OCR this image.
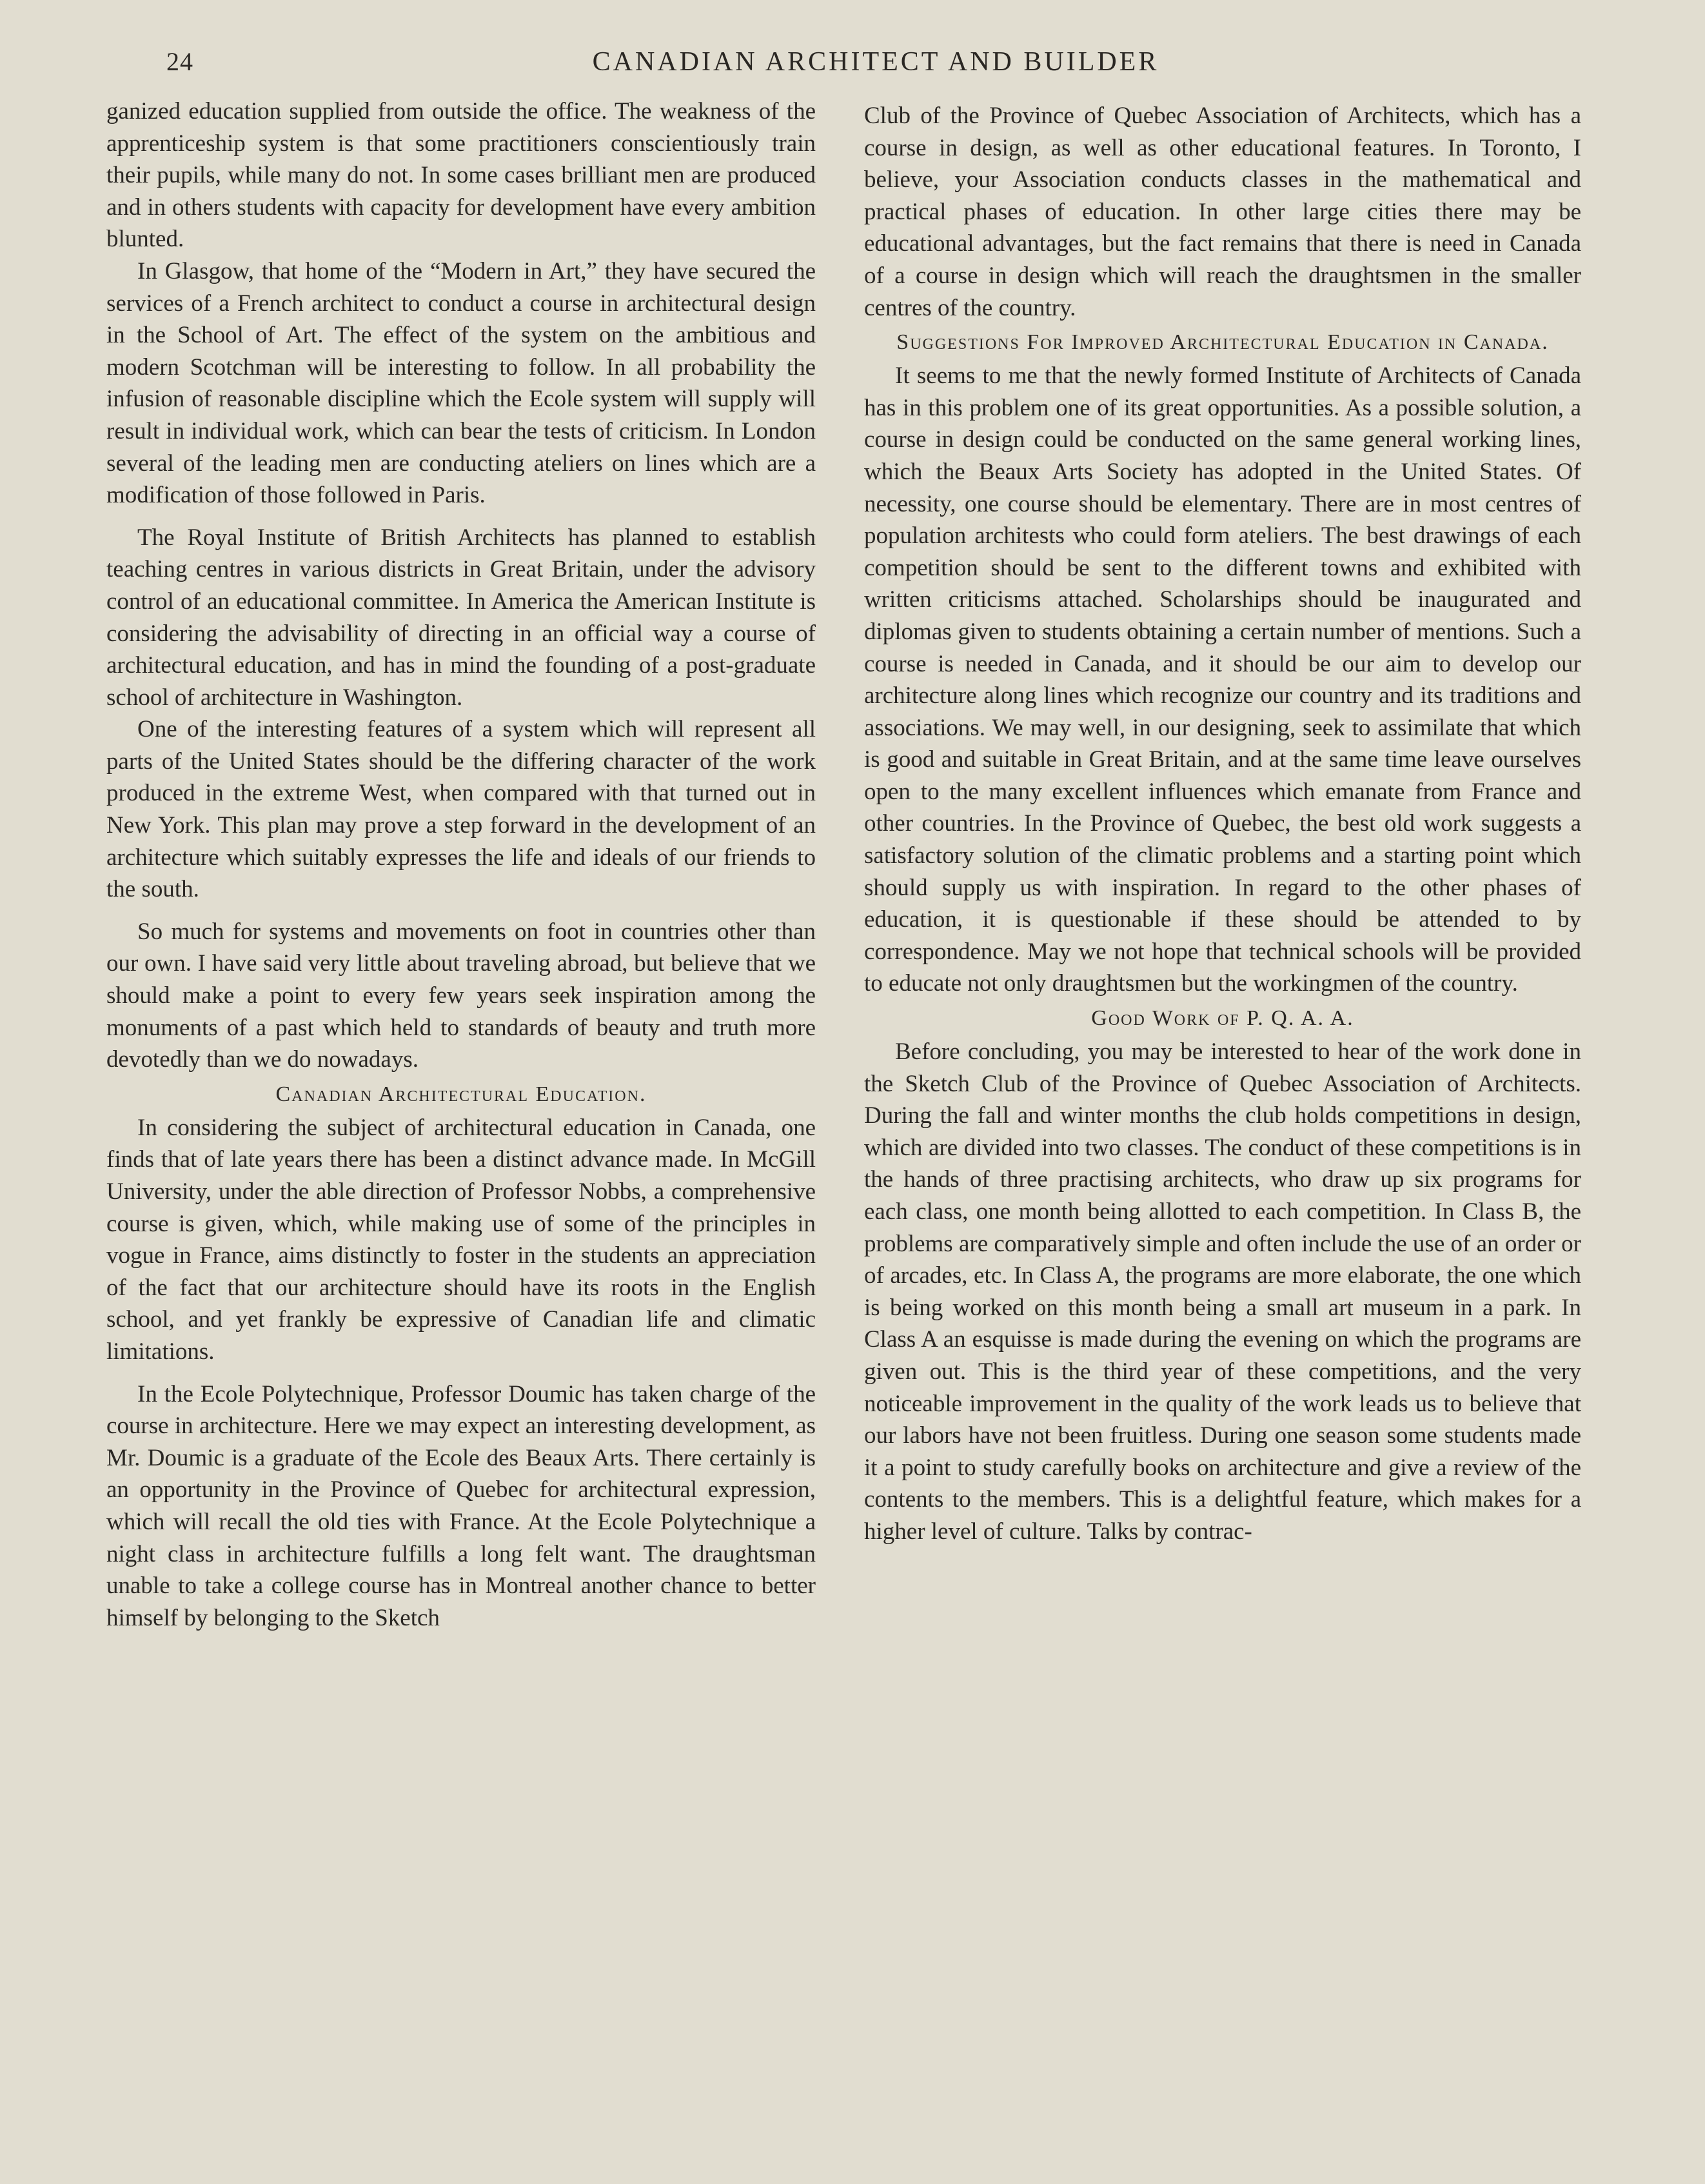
24	CANADIAN ARCHITECT AND BUILDER

ganized education supplied from outside the office. The weakness of the apprenticeship system is that some practitioners conscientiously train their pupils, while many do not. In some cases brilliant men are produced and in others students with capacity for development have every ambition blunted.

In Glasgow, that home of the “Modern in Art,” they have secured the services of a French architect to conduct a course in architectural design in the School of Art. The effect of the system on the ambitious and modern Scotchman will be interesting to follow. In all probability the infusion of reasonable discipline which the Ecole system will supply will result in individual work, which can bear the tests of criticism. In London several of the leading men are conducting ateliers on lines which are a modification of those followed in Paris.

The Royal Institute of British Architects has planned to establish teaching centres in various districts in Great Britain, under the advisory control of an educational committee. In America the American Institute is considering the advisability of directing in an official way a course of architectural education, and has in mind the founding of a post-graduate school of architecture in Washington.

One of the interesting features of a system which will represent all parts of the United States should be the differing character of the work produced in the extreme West, when compared with that turned out in New York. This plan may prove a step forward in the development of an architecture which suitably expresses the life and ideals of our friends to the south.

So much for systems and movements on foot in countries other than our own. I have said very little about traveling abroad, but believe that we should make a point to every few years seek inspiration among the monuments of a past which held to standards of beauty and truth more devotedly than we do nowadays.

Canadian Architectural Education.

In considering the subject of architectural education in Canada, one finds that of late years there has been a distinct advance made. In McGill University, under the able direction of Professor Nobbs, a comprehensive course is given, which, while making use of some of the principles in vogue in France, aims distinctly to foster in the students an appreciation of the fact that our architecture should have its roots in the English school, and yet frankly be expressive of Canadian life and climatic limitations.

In the Ecole Polytechnique, Professor Doumic has taken charge of the course in architecture. Here we may expect an interesting development, as Mr. Doumic is a graduate of the Ecole des Beaux Arts. There certainly is an opportunity in the Province of Quebec for architectural expression, which will recall the old ties with France. At the Ecole Polytechnique a night class in architecture fulfills a long felt want. The draughtsman unable to take a college course has in Montreal another chance to better himself by belonging to the Sketch

Club of the Province of Quebec Association of Architects, which has a course in design, as well as other educational features. In Toronto, I believe, your Association conducts classes in the mathematical and practical phases of education. In other large cities there may be educational advantages, but the fact remains that there is need in Canada of a course in design which will reach the draughtsmen in the smaller centres of the country.

Suggestions For Improved Architectural Education in Canada.

It seems to me that the newly formed Institute of Architects of Canada has in this problem one of its great opportunities. As a possible solution, a course in design could be conducted on the same general working lines, which the Beaux Arts Society has adopted in the United States. Of necessity, one course should be elementary. There are in most centres of population architests who could form ateliers. The best drawings of each competition should be sent to the different towns and exhibited with written criticisms attached. Scholarships should be inaugurated and diplomas given to students obtaining a certain number of mentions. Such a course is needed in Canada, and it should be our aim to develop our architecture along lines which recognize our country and its traditions and associations. We may well, in our designing, seek to assimilate that which is good and suitable in Great Britain, and at the same time leave ourselves open to the many excellent influences which emanate from France and other countries. In the Province of Quebec, the best old work suggests a satisfactory solution of the climatic problems and a starting point which should supply us with inspiration. In regard to the other phases of education, it is questionable if these should be attended to by correspondence. May we not hope that technical schools will be provided to educate not only draughtsmen but the workingmen of the country.

Good Work of P. Q. A. A.

Before concluding, you may be interested to hear of the work done in the Sketch Club of the Province of Quebec Association of Architects. During the fall and winter months the club holds competitions in design, which are divided into two classes. The conduct of these competitions is in the hands of three practising architects, who draw up six programs for each class, one month being allotted to each competition. In Class B, the problems are comparatively simple and often include the use of an order or of arcades, etc. In Class A, the programs are more elaborate, the one which is being worked on this month being a small art museum in a park. In Class A an esquisse is made during the evening on which the programs are given out. This is the third year of these competitions, and the very noticeable improvement in the quality of the work leads us to believe that our labors have not been fruitless. During one season some students made it a point to study carefully books on architecture and give a review of the contents to the members. This is a delightful feature, which makes for a higher level of culture. Talks by contrac-
